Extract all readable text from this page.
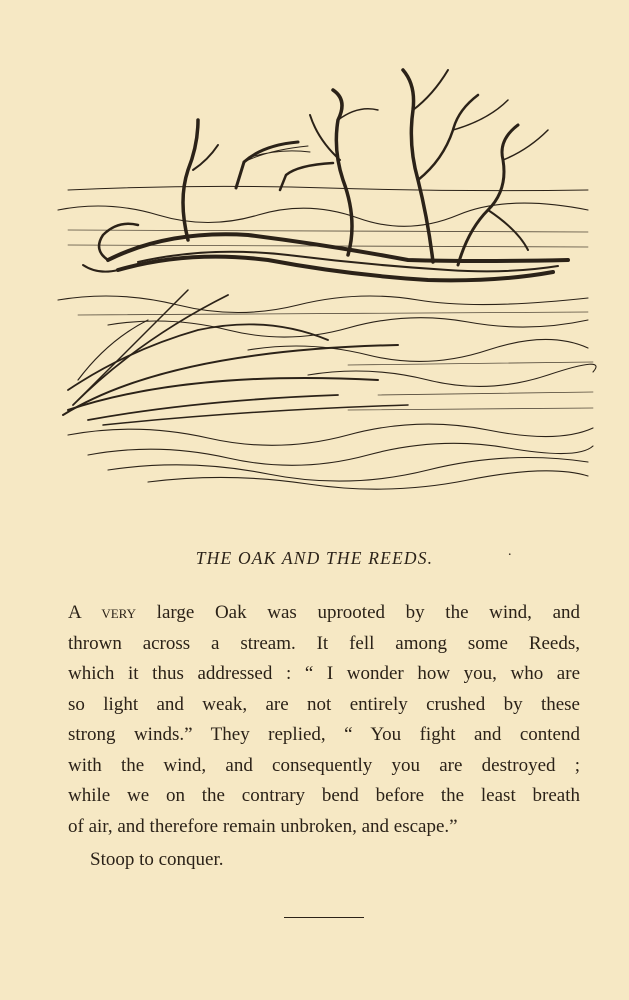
THE OAK AND THE REEDS.	.
A very large Oak was uprooted by the wind, and
thrown across a stream. It fell among some Reeds,
which it thus addressed : “ I wonder how you, who are
so light and weak, are not entirely crushed by these
strong winds.” They replied, “ You fight and contend
with the wind, and consequently you are destroyed ;
while we on the contrary bend before the least breath
of air, and therefore remain unbroken, and escape.”
Stoop to conquer.
